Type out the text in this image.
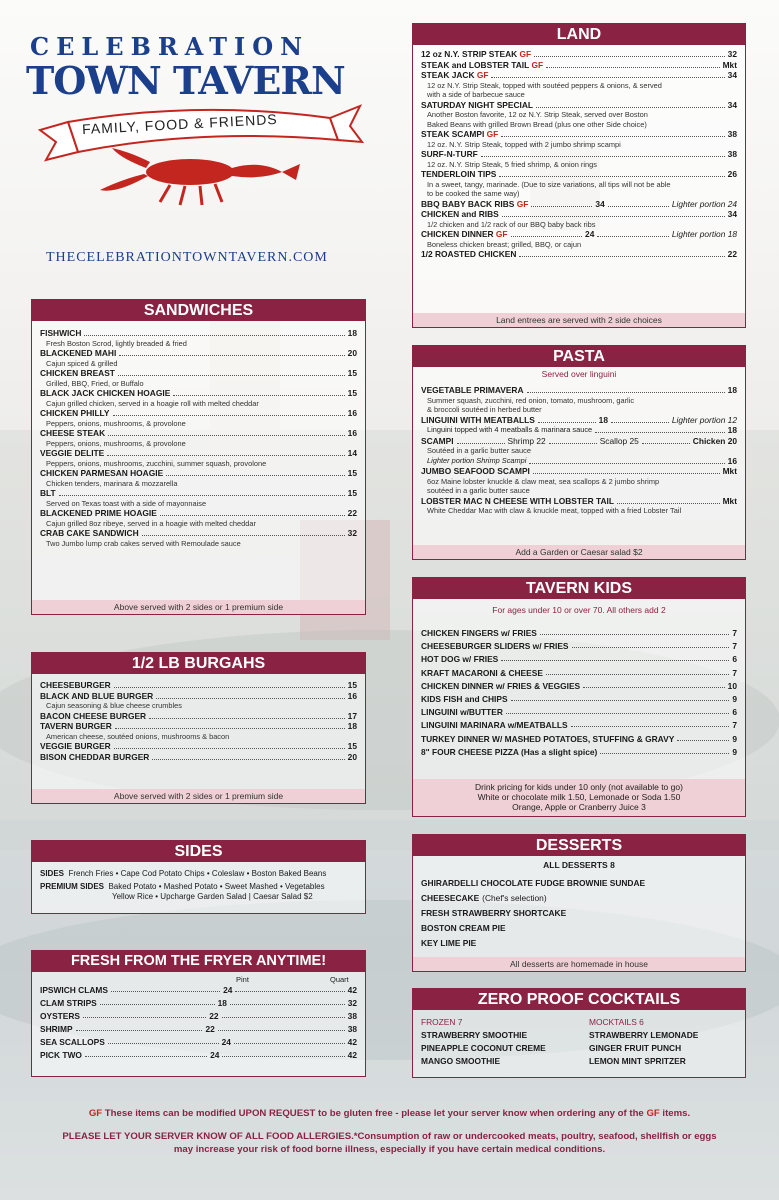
CELEBRATION
TOWN TAVERN
FAMILY, FOOD & FRIENDS
THECELEBRATIONTOWNTAVERN.COM
SANDWICHES
FISHWICH	18
Fresh Boston Scrod, lightly breaded & fried
BLACKENED MAHI	20
Cajun spiced & grilled
CHICKEN BREAST	15
Grilled, BBQ, Fried, or Buffalo
BLACK JACK CHICKEN HOAGIE	15
Cajun grilled chicken, served in a hoagie roll with melted cheddar
CHICKEN PHILLY	16
Peppers, onions, mushrooms, & provolone
CHEESE STEAK	16
Peppers, onions, mushrooms, & provolone
VEGGIE DELITE	14
Peppers, onions, mushrooms, zucchini, summer squash, provolone
CHICKEN PARMESAN HOAGIE	15
Chicken tenders, marinara & mozzarella
BLT	15
Served on Texas toast with a side of mayonnaise
BLACKENED PRIME HOAGIE	22
Cajun grilled 8oz ribeye, served in a hoagie with melted cheddar
CRAB CAKE SANDWICH	32
Two Jumbo lump crab cakes served with Remoulade sauce
Above served with 2 sides or 1 premium side
1/2 LB BURGAHS
CHEESEBURGER	15
BLACK AND BLUE BURGER	16
Cajun seasoning & blue cheese crumbles
BACON CHEESE BURGER	17
TAVERN BURGER	18
American cheese, soutéed onions, mushrooms & bacon
VEGGIE BURGER	15
BISON CHEDDAR BURGER	20
Above served with 2 sides or 1 premium side
SIDES
SIDES French Fries • Cape Cod Potato Chips • Coleslaw • Boston Baked Beans
PREMIUM SIDES Baked Potato • Mashed Potato • Sweet Mashed • Vegetables
Yellow Rice • Upcharge Garden Salad | Caesar Salad $2
FRESH FROM THE FRYER ANYTIME!
Pint	Quart
IPSWICH CLAMS	24	42
CLAM STRIPS	18	32
OYSTERS	22	38
SHRIMP	22	38
SEA SCALLOPS	24	42
PICK TWO	24	42
LAND
12 oz N.Y. STRIP STEAK GF	32
STEAK and LOBSTER TAIL GF	Mkt
STEAK JACK GF	34
12 oz N.Y. Strip Steak, topped with soutéed peppers & onions, & served
with a side of barbecue sauce
SATURDAY NIGHT SPECIAL	34
Another Boston favorite, 12 oz N.Y. Strip Steak, served over Boston
Baked Beans with grilled Brown Bread (plus one other Side choice)
STEAK SCAMPI GF	38
12 oz. N.Y. Strip Steak, topped with 2 jumbo shrimp scampi
SURF-N-TURF	38
12 oz. N.Y. Strip Steak, 5 fried shrimp, & onion rings
TENDERLOIN TIPS	26
In a sweet, tangy, marinade. (Due to size variations, all tips will not be able
to be cooked the same way)
BBQ BABY BACK RIBS GF	34	Lighter portion 24
CHICKEN and RIBS	34
1/2 chicken and 1/2 rack of our BBQ baby back ribs
CHICKEN DINNER GF	24	Lighter portion 18
Boneless chicken breast; grilled, BBQ, or cajun
1/2 ROASTED CHICKEN	22
Land entrees are served with 2 side choices
PASTA
Served over linguini
VEGETABLE PRIMAVERA	18
Summer squash, zucchini, red onion, tomato, mushroom, garlic
& broccoli soutéed in herbed butter
LINGUINI WITH MEATBALLS	18	Lighter portion 12
Linguini topped with 4 meatballs & marinara sauce	18
SCAMPI	Shrimp 22	Scallop 25	Chicken 20
Soutéed in a garlic butter sauce
Lighter portion Shrimp Scampi	16
JUMBO SEAFOOD SCAMPI	Mkt
6oz Maine lobster knuckle & claw meat, sea scallops & 2 jumbo shrimp
soutéed in a garlic butter sauce
LOBSTER MAC N CHEESE WITH LOBSTER TAIL	Mkt
White Cheddar Mac with claw & knuckle meat, topped with a fried Lobster Tail
Add a Garden or Caesar salad $2
TAVERN KIDS
For ages under 10 or over 70. All others add 2
CHICKEN FINGERS w/ FRIES	7
CHEESEBURGER SLIDERS w/ FRIES	7
HOT DOG w/ FRIES	6
KRAFT MACARONI & CHEESE	7
CHICKEN DINNER w/ FRIES & VEGGIES	10
KIDS FISH and CHIPS	9
LINGUINI w/BUTTER	6
LINGUINI MARINARA w/MEATBALLS	7
TURKEY DINNER W/ MASHED POTATOES, STUFFING & GRAVY	9
8" FOUR CHEESE PIZZA (Has a slight spice)	9
Drink pricing for kids under 10 only (not available to go)
White or chocolate milk 1.50, Lemonade or Soda 1.50
Orange, Apple or Cranberry Juice 3
DESSERTS
ALL DESSERTS 8
GHIRARDELLI CHOCOLATE FUDGE BROWNIE SUNDAE
CHEESECAKE (Chef's selection)
FRESH STRAWBERRY SHORTCAKE
BOSTON CREAM PIE
KEY LIME PIE
All desserts are homemade in house
ZERO PROOF COCKTAILS
FROZEN 7
STRAWBERRY SMOOTHIE
PINEAPPLE COCONUT CREME
MANGO SMOOTHIE
MOCKTAILS 6
STRAWBERRY LEMONADE
GINGER FRUIT PUNCH
LEMON MINT SPRITZER
GF These items can be modified UPON REQUEST to be gluten free - please let your server know when ordering any of the GF items.
PLEASE LET YOUR SERVER KNOW OF ALL FOOD ALLERGIES.*Consumption of raw or undercooked meats, poultry, seafood, shellfish or eggs
may increase your risk of food borne illness, especially if you have certain medical conditions.
